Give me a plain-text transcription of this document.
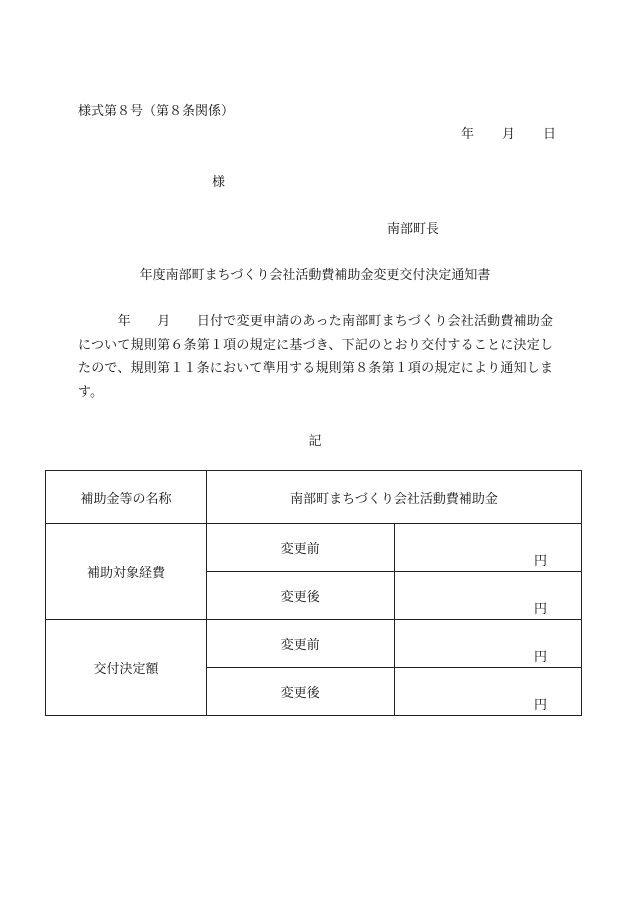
様式第８号（第８条関係）
年 月 日
様
南部町長
年度南部町まちづくり会社活動費補助金変更交付決定通知書
　　　年　　月　　日付で変更申請のあった南部町まちづくり会社活動費補助金について規則第６条第１項の規定に基づき、下記のとおり交付することに決定したので、規則第１１条において準用する規則第８条第１項の規定により通知します。
記
補助金等の名称	南部町まちづくり会社活動費補助金	
補助対象経費	変更前	円

	変更後	円

交付決定額	変更前	円

	変更後	円
